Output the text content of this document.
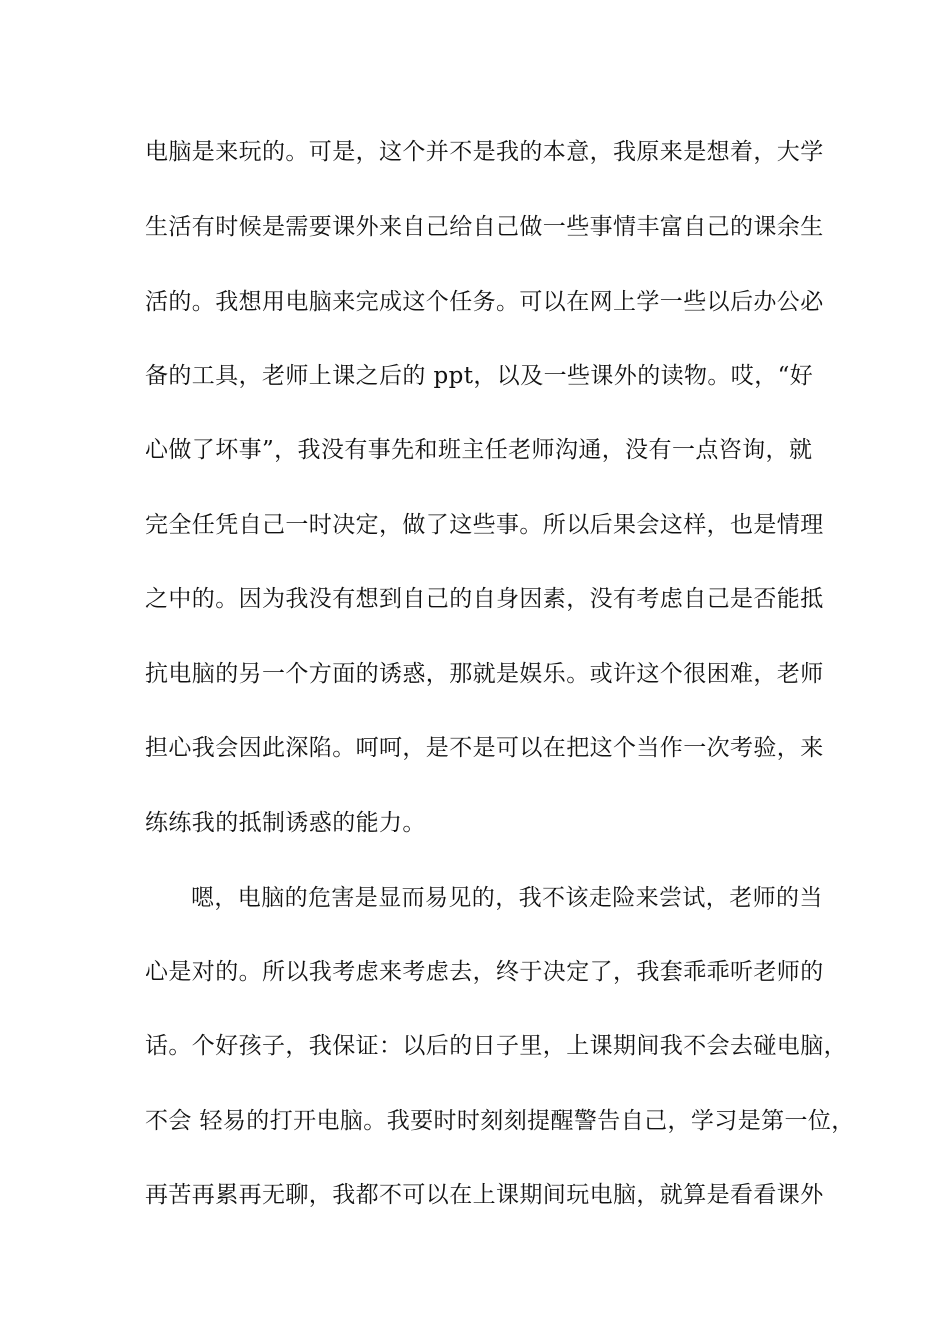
电脑是来玩的。可是，这个并不是我的本意，我原来是想着，大学
生活有时候是需要课外来自己给自己做一些事情丰富自己的课余生
活的。我想用电脑来完成这个任务。可以在网上学一些以后办公必
备的工具，老师上课之后的 ppt，以及一些课外的读物。哎，“好
心做了坏事”，我没有事先和班主任老师沟通，没有一点咨询，就
完全任凭自己一时决定，做了这些事。所以后果会这样，也是情理
之中的。因为我没有想到自己的自身因素，没有考虑自己是否能抵
抗电脑的另一个方面的诱惑，那就是娱乐。或许这个很困难，老师
担心我会因此深陷。呵呵，是不是可以在把这个当作一次考验，来
练练我的抵制诱惑的能力。
嗯，电脑的危害是显而易见的，我不该走险来尝试，老师的当
心是对的。所以我考虑来考虑去，终于决定了，我套乖乖听老师的
话。个好孩子，我保证：以后的日子里，上课期间我不会去碰电脑，
不会 轻易的打开电脑。我要时时刻刻提醒警告自己，学习是第一位，
再苦再累再无聊，我都不可以在上课期间玩电脑，就算是看看课外
